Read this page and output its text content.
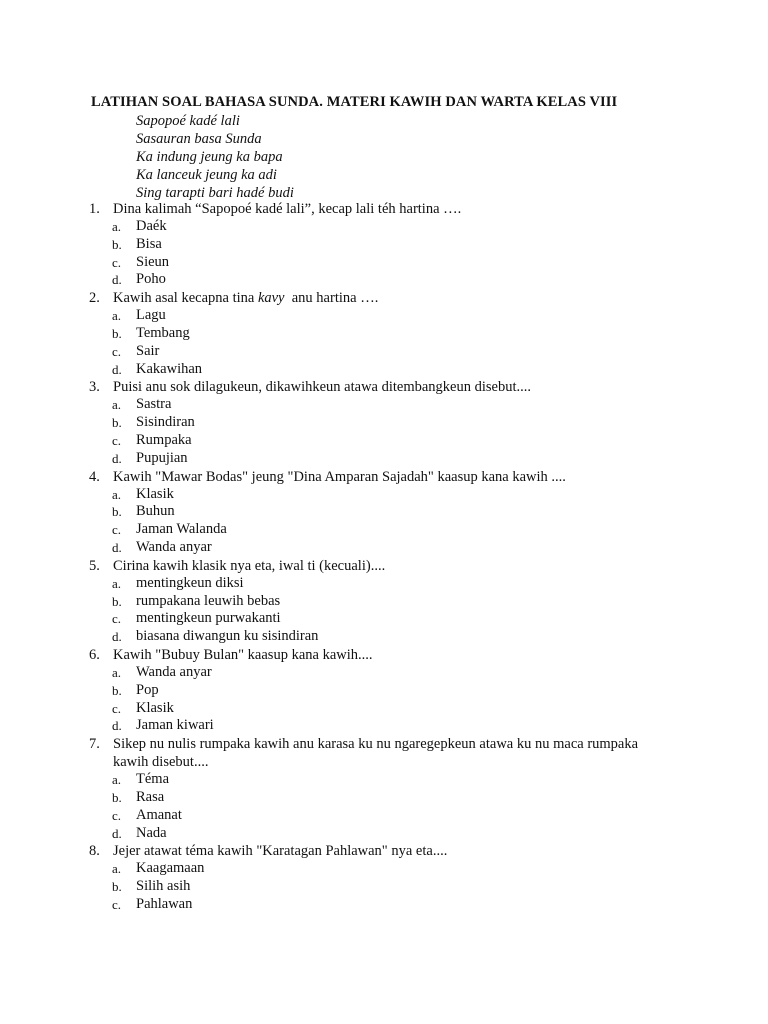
LATIHAN SOAL BAHASA SUNDA. MATERI KAWIH DAN WARTA KELAS VIII
Sapopoé kadé lali
Sasauran basa Sunda
Ka indung jeung ka bapa
Ka lanceuk jeung ka adi
Sing tarapti bari hadé budi
1. Dina kalimah “Sapopoé kadé lali”, kecap lali téh hartina ….
a.	Daék
b. Bisa
c.	Sieun
d. Poho
2. Kawih asal kecapna tina kavy  anu hartina ….
a.	Lagu
b. Tembang
c.	Sair
d. Kakawihan
3. Puisi anu sok dilagukeun, dikawihkeun atawa ditembangkeun disebut....
a.	Sastra
b. Sisindiran
c.	Rumpaka
d. Pupujian
4. Kawih "Mawar Bodas" jeung "Dina Amparan Sajadah" kaasup kana kawih ....
a.	Klasik
b. Buhun
c.	Jaman Walanda
d. Wanda anyar
5. Cirina kawih klasik nya eta, iwal ti (kecuali)....
a.	mentingkeun diksi
b. rumpakana leuwih bebas
c.	mentingkeun purwakanti
d. biasana diwangun ku sisindiran
6. Kawih "Bubuy Bulan" kaasup kana kawih....
a.	Wanda anyar
b. Pop
c.	Klasik
d. Jaman kiwari
7. Sikep nu nulis rumpaka kawih anu karasa ku nu ngaregepkeun atawa ku nu maca rumpaka kawih disebut....
a.	Téma
b. Rasa
c.	Amanat
d. Nada
8. Jejer atawat téma kawih "Karatagan Pahlawan" nya eta....
a.	Kaagamaan
b. Silih asih
c.	Pahlawan
